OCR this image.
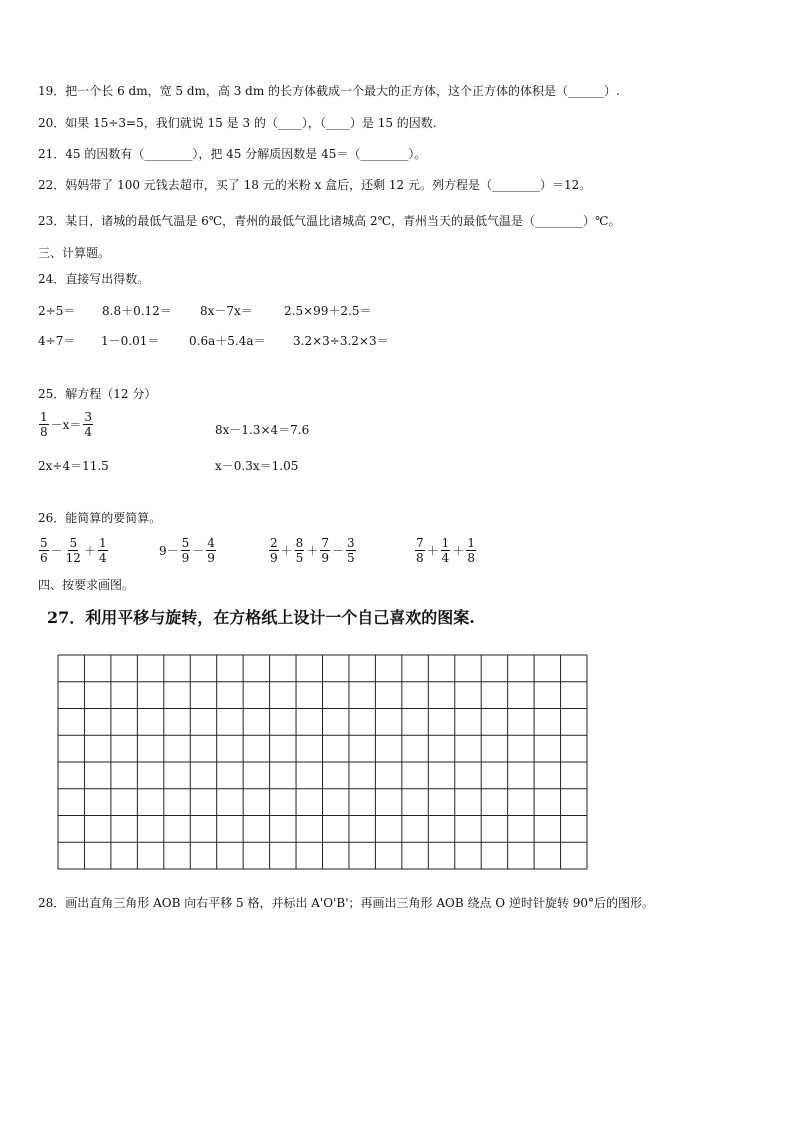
19．把一个长 6 dm，宽 5 dm，高 3 dm 的长方体截成一个最大的正方体，这个正方体的体积是（______）.
20．如果 15÷3=5，我们就说 15 是 3 的（____），（____）是 15 的因数.
21．45 的因数有（________），把 45 分解质因数是 45＝（________）。
22．妈妈带了 100 元钱去超市，买了 18 元的米粉 x 盒后，还剩 12 元。列方程是（________）＝12。
23．某日，诸城的最低气温是 6℃，青州的最低气温比诸城高 2℃，青州当天的最低气温是（________）℃。
三、计算题。
24．直接写出得数。
2÷5＝ 8.8＋0.12＝ 8x－7x＝	2.5×99＋2.5＝
4÷7＝ 1－0.01＝ 0.6a＋5.4a＝ 3.2×3÷3.2×3＝
25．解方程（12 分）
$\frac{1}{8} -x= \frac{3}{4}$	8x－1.3×4＝7.6
2x÷4＝11.5	x－0.3x＝1.05
26．能简算的要简算。
$\frac{5}{6} - \frac{5}{12} + \frac{1}{4}$	$9- \frac{5}{9} - \frac{4}{9}$	$\frac{2}{9} + \frac{8}{5} + \frac{7}{9} - \frac{3}{5}$	$\frac{7}{8} + \frac{1}{4} + \frac{1}{8}$
四、按要求画图。
27．利用平移与旋转，在方格纸上设计一个自己喜欢的图案.
28．画出直角三角形 AOB 向右平移 5 格，并标出 A'O'B'；再画出三角形 AOB 绕点 O 逆时针旋转 90°后的图形。
